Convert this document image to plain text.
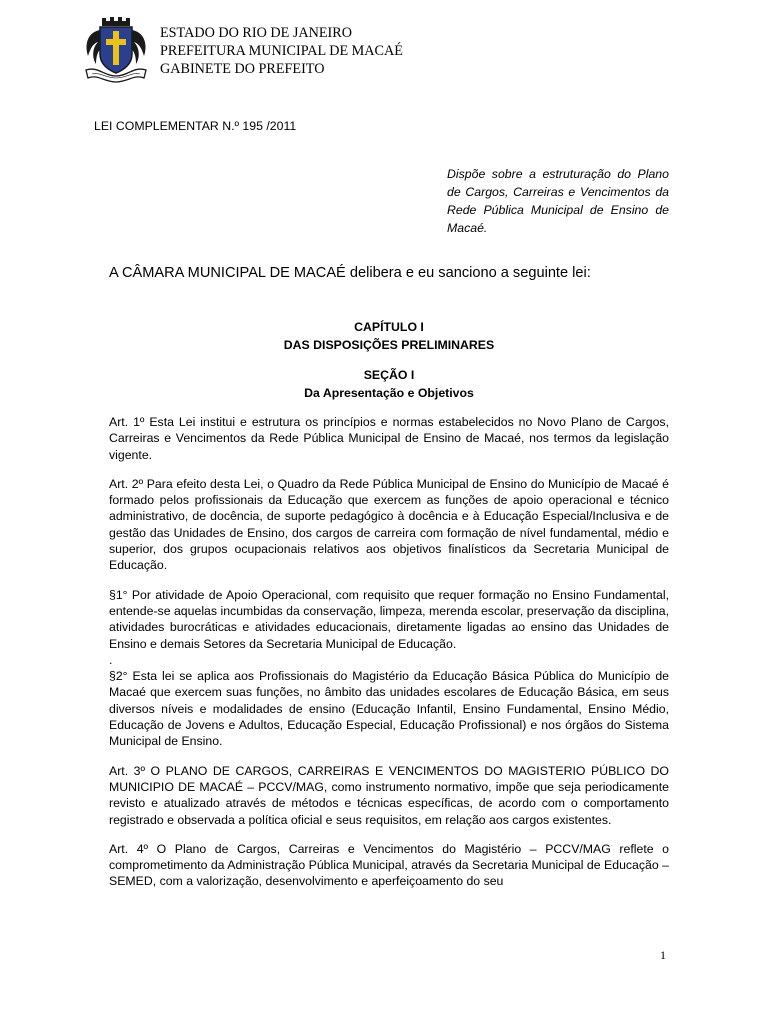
ESTADO DO RIO DE JANEIRO
PREFEITURA MUNICIPAL DE MACAÉ
GABINETE DO PREFEITO
LEI COMPLEMENTAR N.º 195 /2011
Dispõe sobre a estruturação do Plano de Cargos, Carreiras e Vencimentos da Rede Pública Municipal de Ensino de Macaé.
A CÂMARA MUNICIPAL DE MACAÉ delibera e eu sanciono a seguinte lei:
CAPÍTULO I
DAS DISPOSIÇÕES PRELIMINARES
SEÇÃO I
Da Apresentação e Objetivos

Art. 1º Esta Lei institui e estrutura os princípios e normas estabelecidos no Novo Plano de Cargos, Carreiras e Vencimentos da Rede Pública Municipal de Ensino de Macaé, nos termos da legislação vigente.

Art. 2º Para efeito desta Lei, o Quadro da Rede Pública Municipal de Ensino do Município de Macaé é formado pelos profissionais da Educação que exercem as funções de apoio operacional e técnico administrativo, de docência, de suporte pedagógico à docência e à Educação Especial/Inclusiva e de gestão das Unidades de Ensino, dos cargos de carreira com formação de nível fundamental, médio e superior, dos grupos ocupacionais relativos aos objetivos finalísticos da Secretaria Municipal de Educação.

§1° Por atividade de Apoio Operacional, com requisito que requer formação no Ensino Fundamental, entende-se aquelas incumbidas da conservação, limpeza, merenda escolar, preservação da disciplina, atividades burocráticas e atividades educacionais, diretamente ligadas ao ensino das Unidades de Ensino e demais Setores da Secretaria Municipal de Educação.

.

§2° Esta lei se aplica aos Profissionais do Magistério da Educação Básica Pública do Município de Macaé que exercem suas funções, no âmbito das unidades escolares de Educação Básica, em seus diversos níveis e modalidades de ensino (Educação Infantil, Ensino Fundamental, Ensino Médio, Educação de Jovens e Adultos, Educação Especial, Educação Profissional) e nos órgãos do Sistema Municipal de Ensino.

Art. 3º O PLANO DE CARGOS, CARREIRAS E VENCIMENTOS DO MAGISTERIO PÚBLICO DO MUNICIPIO DE MACAÉ – PCCV/MAG, como instrumento normativo, impõe que seja periodicamente revisto e atualizado através de métodos e técnicas específicas, de acordo com o comportamento registrado e observada a política oficial e seus requisitos, em relação aos cargos existentes.

Art. 4º O Plano de Cargos, Carreiras e Vencimentos do Magistério – PCCV/MAG reflete o comprometimento da Administração Pública Municipal, através da Secretaria Municipal de Educação – SEMED, com a valorização, desenvolvimento e aperfeiçoamento do seu

1
